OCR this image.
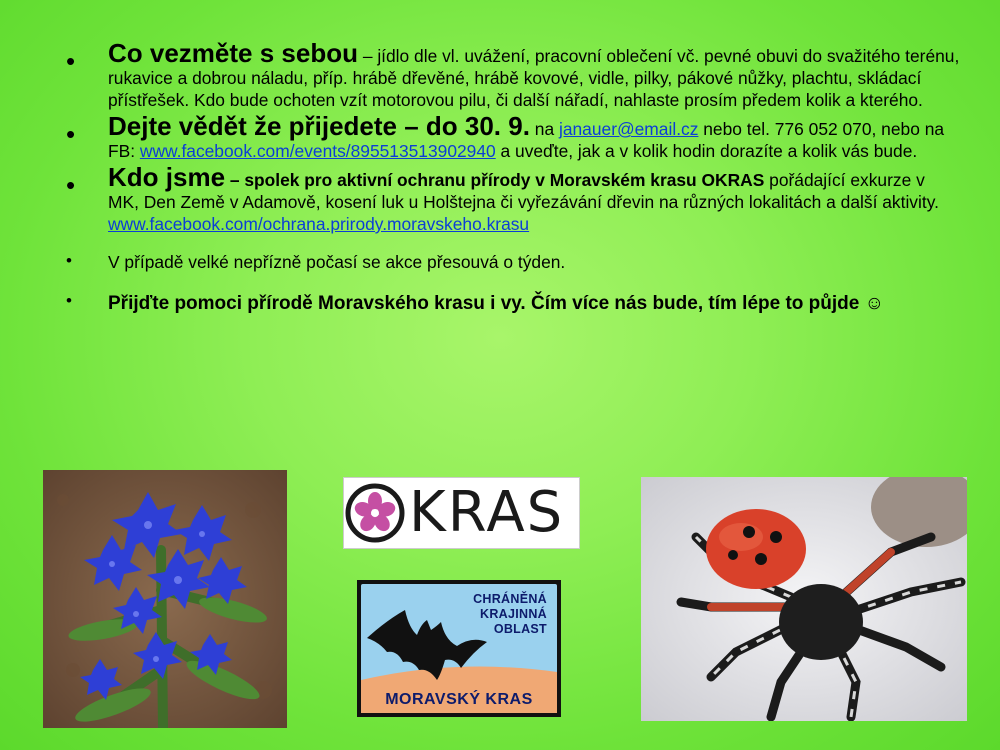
• Co vezměte s sebou – jídlo dle vl. uvážení, pracovní oblečení vč. pevné obuvi do svažitého terénu, rukavice a dobrou náladu, příp. hrábě dřevěné, hrábě kovové, vidle, pilky, pákové nůžky, plachtu, skládací přístřešek. Kdo bude ochoten vzít motorovou pilu, či další nářadí, nahlaste prosím předem kolik a kterého.
• Dejte vědět že přijedete – do 30. 9. na janauer@email.cz nebo tel. 776 052 070, nebo na FB: www.facebook.com/events/895513513902940 a uveďte, jak a v kolik hodin dorazíte a kolik vás bude.
• Kdo jsme – spolek pro aktivní ochranu přírody v Moravském krasu OKRAS pořádající exkurze v MK, Den Země v Adamově, kosení luk u Holštejna či vyřezávání dřevin na různých lokalitách a další aktivity. www.facebook.com/ochrana.prirody.moravskeho.krasu
• V případě velké nepřízně počasí se akce přesouvá o týden.
• Přijďte pomoci přírodě Moravského krasu i vy. Čím více nás bude, tím lépe to půjde ☺
KRAS
CHRÁNĚNÁ
KRAJINNÁ
OBLAST
MORAVSKÝ KRAS
